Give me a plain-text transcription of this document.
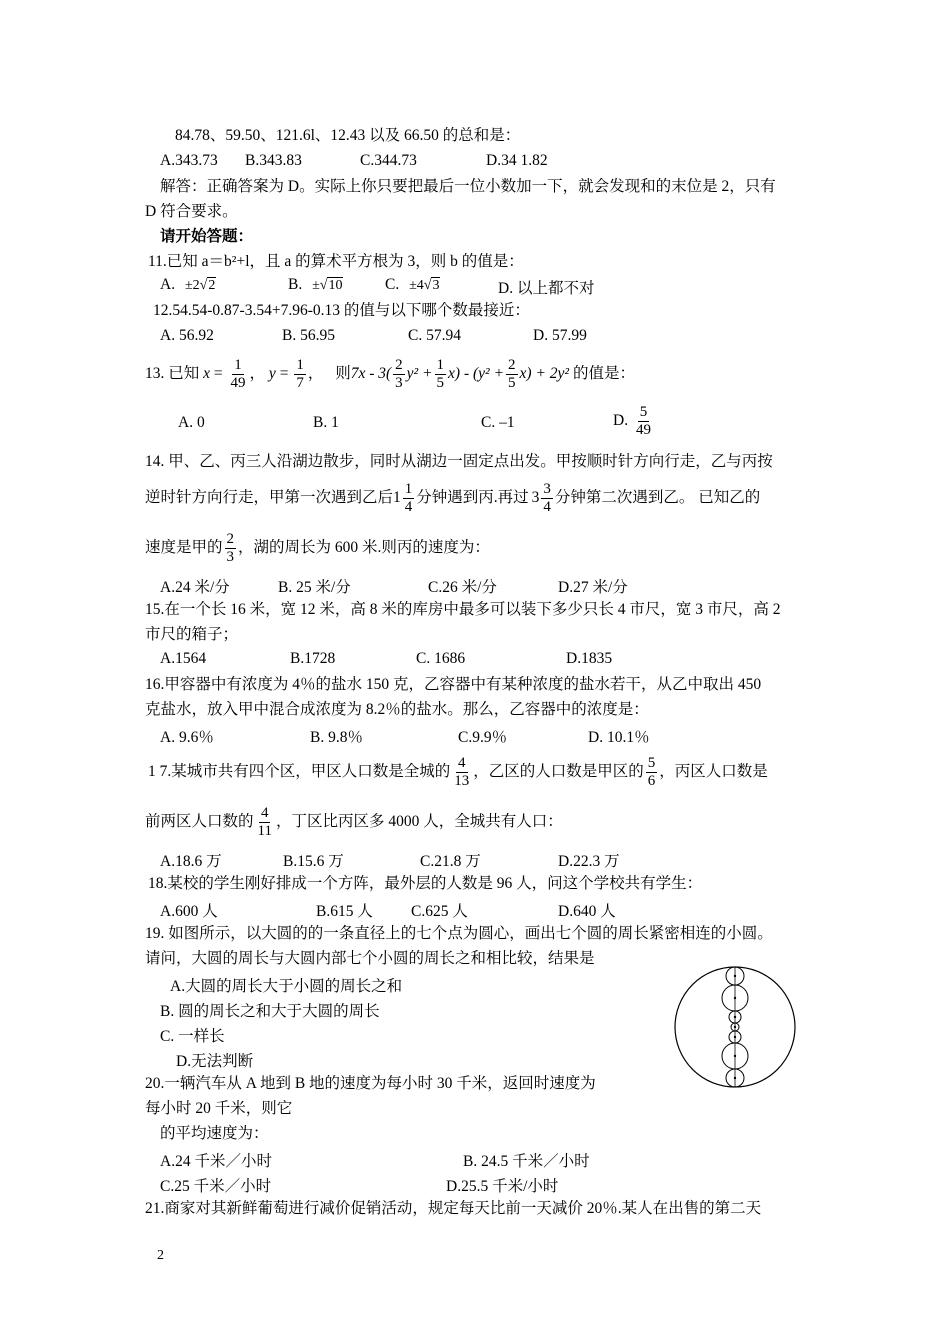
84.78、59.50、121.6l、12.43 以及 66.50 的总和是：
A.343.73 B.343.83	C.344.73	D.34 1.82
解答：正确答案为 D。实际上你只要把最后一位小数加一下，就会发现和的末位是 2，只有
D 符合要求。
请开始答题：
11.已知 a＝b²+l，且 a 的算术平方根为 3，则 b 的值是：
A. ±2√2	B. ±√10	C. ±4√3	D. 以上都不对
12.54.54-0.87-3.54+7.96-0.13 的值与以下哪个数最接近：
A. 56.92	B. 56.95	C. 57.94	D. 57.99
13. 已知 $x = \frac{1}{49}$ ， $y = \frac{1}{7}$ ， 则$7x - 3( \frac{2}{3} y^2 + \frac{1}{5} x) - (y^2 + \frac{2}{5} x) + 2y^2$ 的值是：
A. 0	B. 1	C. –1	D. $\frac{5}{49}$
14. 甲、乙、丙三人沿湖边散步，同时从湖边一固定点出发。甲按顺时针方向行走，乙与丙按
逆时针方向行走，甲第一次遇到乙后$1 \frac{1}{4}$ 分钟遇到丙.再过 $3 \frac{3}{4}$ 分钟第二次遇到乙。 已知乙的
速度是甲的 $\frac{2}{3}$ ，湖的周长为 600 米.则丙的速度为：
A.24 米/分	B. 25 米/分	C.26 米/分	D.27 米/分
15.在一个长 16 米，宽 12 米，高 8 米的库房中最多可以装下多少只长 4 市尺，宽 3 市尺，高 2
市尺的箱子；
A.1564	B.1728	C. 1686	D.1835
16.甲容器中有浓度为 4％的盐水 150 克，乙容器中有某种浓度的盐水若干，从乙中取出 450
克盐水，放入甲中混合成浓度为 8.2％的盐水。那么，乙容器中的浓度是：
A. 9.6％	B. 9.8％	C.9.9％	D. 10.1％
1 7.某城市共有四个区，甲区人口数是全城的 $\frac{4}{13}$ ，乙区的人口数是甲区的 $\frac{5}{6}$ ，丙区人口数是
前两区人口数的 $\frac{4}{11}$ ，丁区比丙区多 4000 人，全城共有人口：
A.18.6 万	B.15.6 万	C.21.8 万	D.22.3 万
18.某校的学生刚好排成一个方阵，最外层的人数是 96 人，问这个学校共有学生：
A.600 人	B.615 人 C.625 人	D.640 人
19. 如图所示，以大圆的的一条直径上的七个点为圆心，画出七个圆的周长紧密相连的小圆。
请问，大圆的周长与大圆内部七个小圆的周长之和相比较，结果是
A.大圆的周长大于小圆的周长之和
B. 圆的周长之和大于大圆的周长
C. 一样长
D.无法判断
20.一辆汽车从 A 地到 B 地的速度为每小时 30 千米，返回时速度为
每小时 20 千米，则它
的平均速度为：
A.24 千米／小时	B. 24.5 千米／小时
C.25 千米／小时	D.25.5 千米/小时
21.商家对其新鲜葡萄进行减价促销活动，规定每天比前一天减价 20％.某人在出售的第二天
2
